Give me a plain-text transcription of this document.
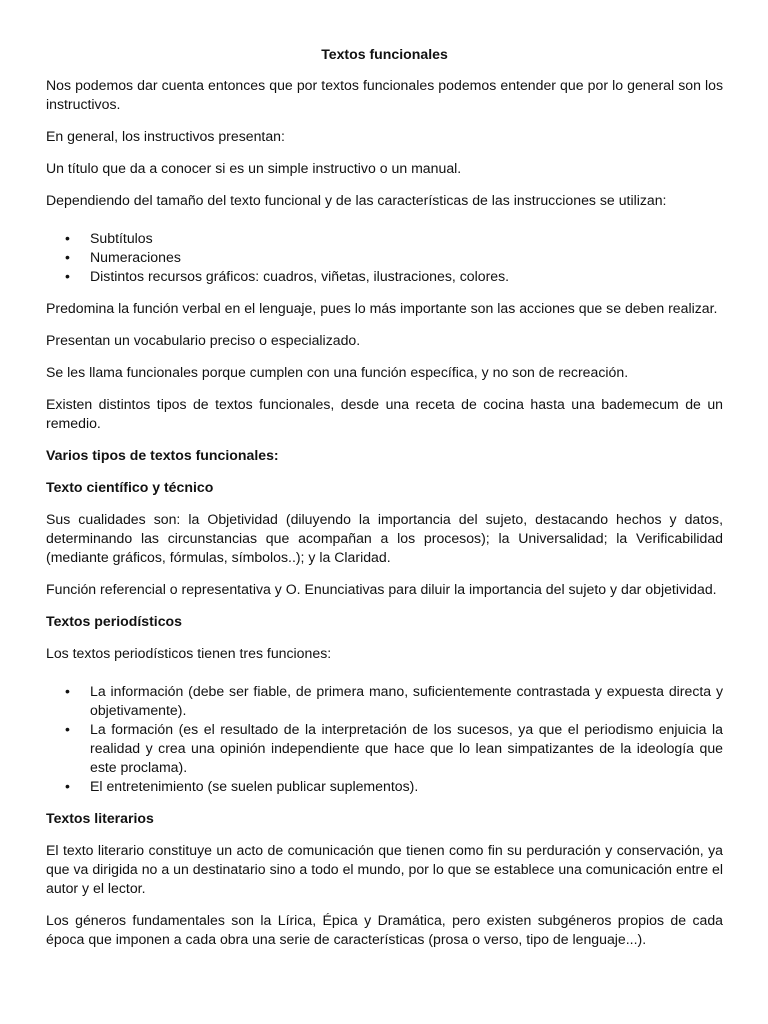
Textos funcionales

Nos podemos dar cuenta entonces que por textos funcionales podemos entender que por lo general son los instructivos.

En general, los instructivos presentan:

Un título que da a conocer si es un simple instructivo o un manual.

Dependiendo del tamaño del texto funcional y de las características de las instrucciones se utilizan:

• Subtítulos
• Numeraciones
• Distintos recursos gráficos: cuadros, viñetas, ilustraciones, colores.

Predomina la función verbal en el lenguaje, pues lo más importante son las acciones que se deben realizar.

Presentan un vocabulario preciso o especializado.

Se les llama funcionales porque cumplen con una función específica, y no son de recreación.

Existen distintos tipos de textos funcionales, desde una receta de cocina hasta una bademecum de un remedio.

Varios tipos de textos funcionales:
Texto científico y técnico

Sus cualidades son: la Objetividad (diluyendo la importancia del sujeto, destacando hechos y datos, determinando las circunstancias que acompañan a los procesos); la Universalidad; la Verificabilidad (mediante gráficos, fórmulas, símbolos..); y la Claridad.

Función referencial o representativa y O. Enunciativas para diluir la importancia del sujeto y dar objetividad.

Textos periodísticos

Los textos periodísticos tienen tres funciones:

• La información (debe ser fiable, de primera mano, suficientemente contrastada y expuesta directa y objetivamente).
• La formación (es el resultado de la interpretación de los sucesos, ya que el periodismo enjuicia la realidad y crea una opinión independiente que hace que lo lean simpatizantes de la ideología que este proclama).
• El entretenimiento (se suelen publicar suplementos).
Textos literarios

El texto literario constituye un acto de comunicación que tienen como fin su perduración y conservación, ya que va dirigida no a un destinatario sino a todo el mundo, por lo que se establece una comunicación entre el autor y el lector.

Los géneros fundamentales son la Lírica, Épica y Dramática, pero existen subgéneros propios de cada época que imponen a cada obra una serie de características (prosa o verso, tipo de lenguaje...).
